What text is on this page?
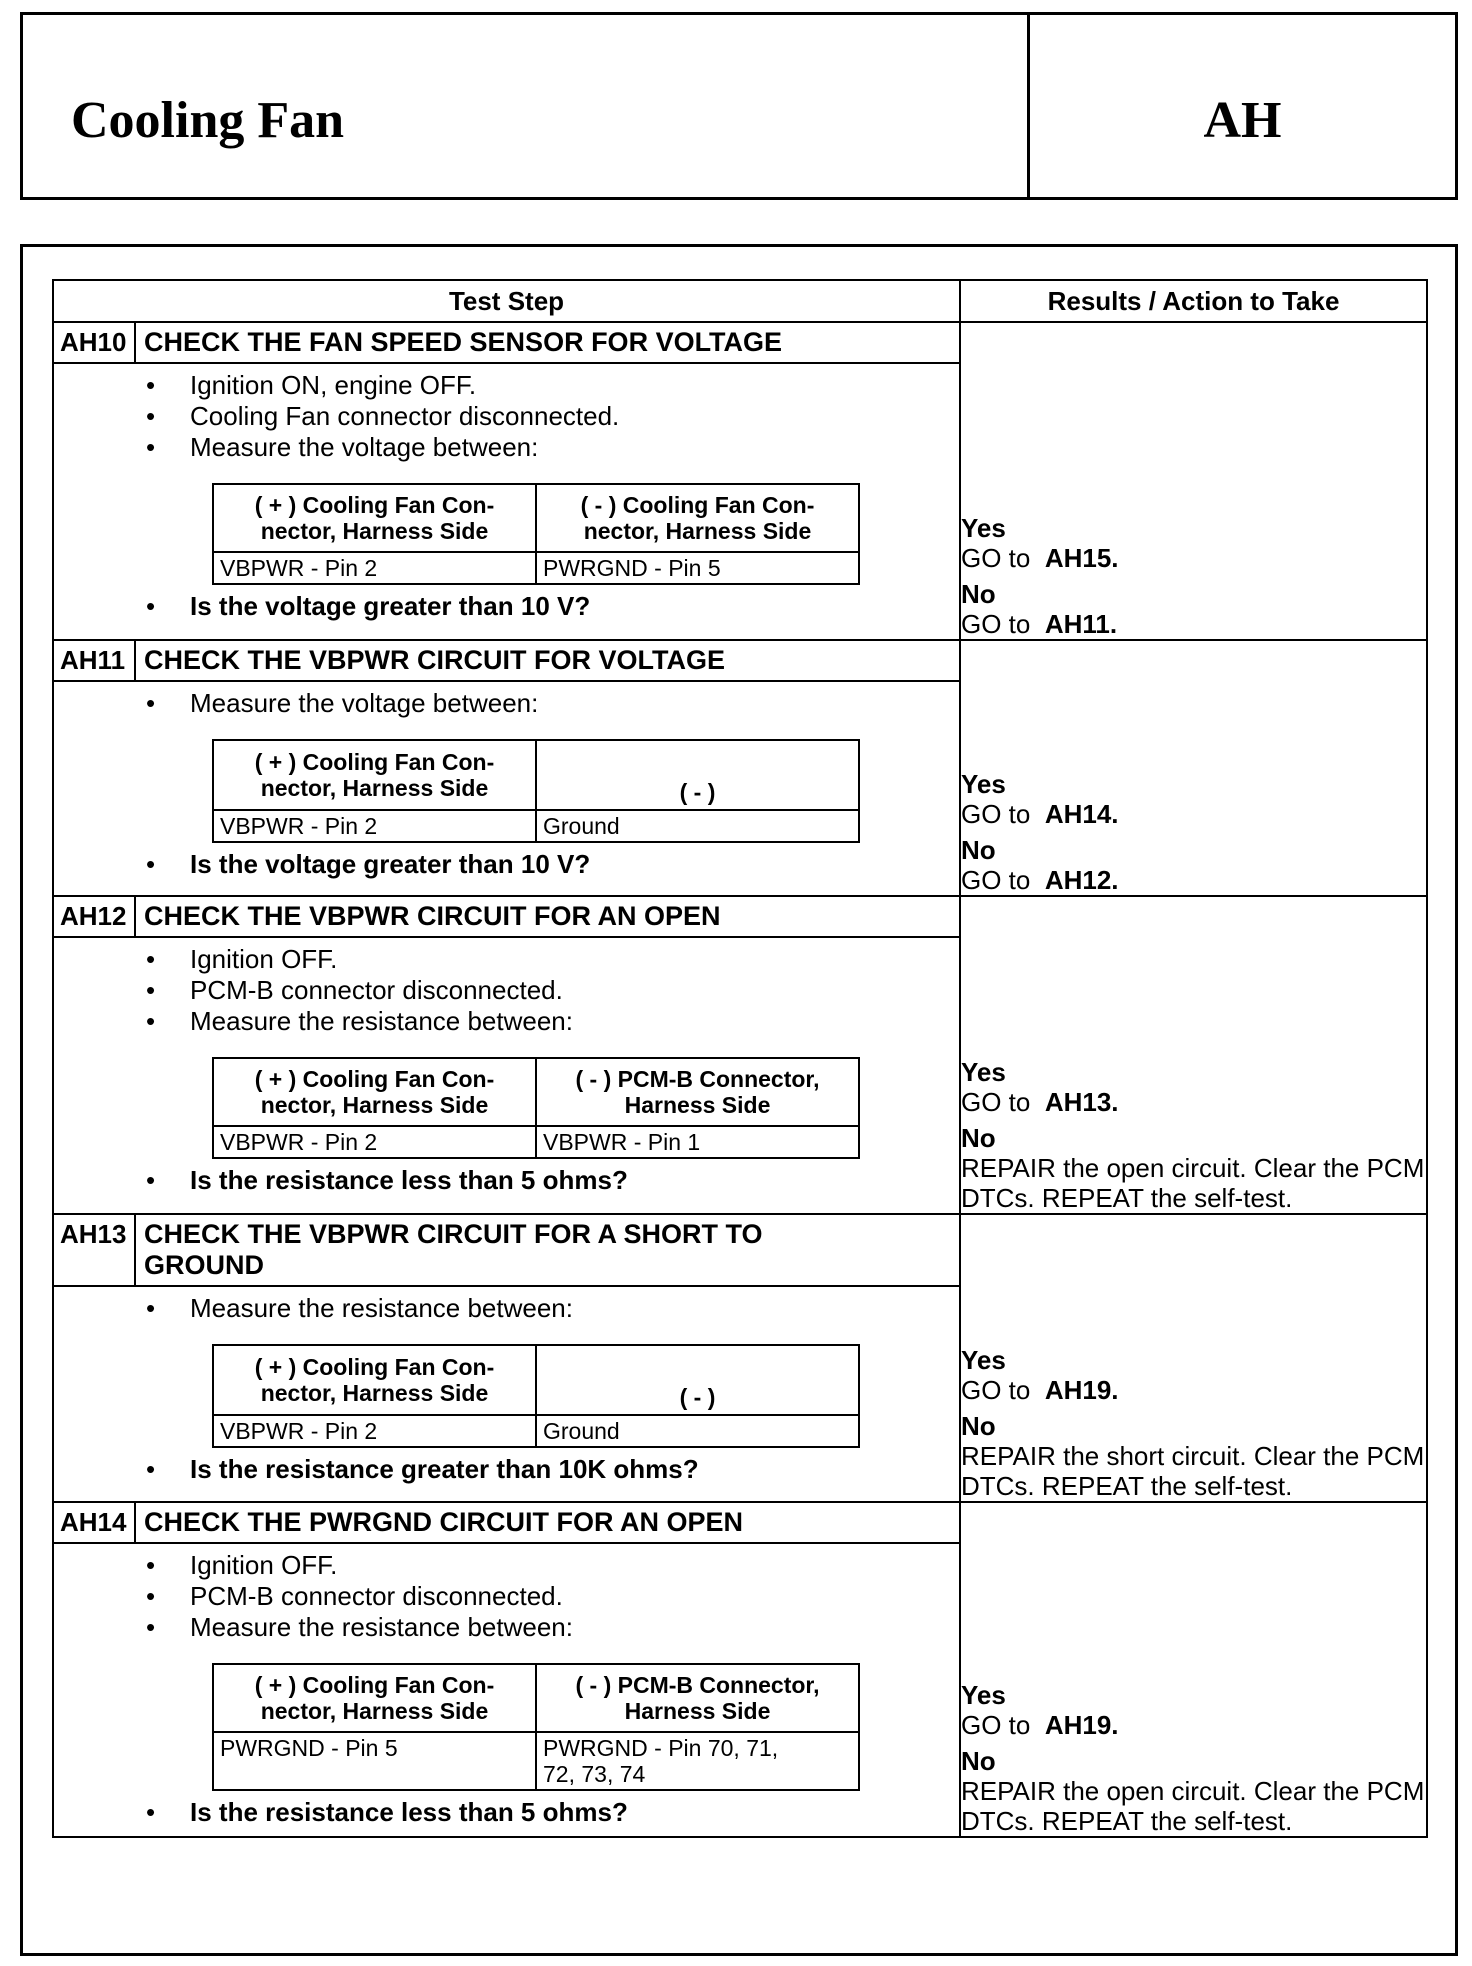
Cooling Fan	AH
Test Step	Results / Action to Take

AH10 CHECK THE FAN SPEED SENSOR FOR VOLTAGE
• Ignition ON, engine OFF.
• Cooling Fan connector disconnected.
• Measure the voltage between:
( + ) Cooling Fan Con-
nector, Harness Side	( - ) Cooling Fan Con-
nector, Harness Side
VBPWR - Pin 2	PWRGND - Pin 5
• Is the voltage greater than 10 V?

Yes
GO to AH15.
No
GO to AH11.

AH11 CHECK THE VBPWR CIRCUIT FOR VOLTAGE
• Measure the voltage between:
( + ) Cooling Fan Con-
nector, Harness Side	( - )
VBPWR - Pin 2	Ground
• Is the voltage greater than 10 V?

Yes
GO to AH14.
No
GO to AH12.

AH12 CHECK THE VBPWR CIRCUIT FOR AN OPEN
• Ignition OFF.
• PCM-B connector disconnected.
• Measure the resistance between:
( + ) Cooling Fan Con-
nector, Harness Side	( - ) PCM-B Connector,
Harness Side
VBPWR - Pin 2	VBPWR - Pin 1
• Is the resistance less than 5 ohms?

Yes
GO to AH13.
No
REPAIR the open circuit. Clear the PCM DTCs. REPEAT the self-test.

AH13 CHECK THE VBPWR CIRCUIT FOR A SHORT TO GROUND
• Measure the resistance between:
( + ) Cooling Fan Con-
nector, Harness Side	( - )
VBPWR - Pin 2	Ground
• Is the resistance greater than 10K ohms?

Yes
GO to AH19.
No
REPAIR the short circuit. Clear the PCM DTCs. REPEAT the self-test.

AH14 CHECK THE PWRGND CIRCUIT FOR AN OPEN
• Ignition OFF.
• PCM-B connector disconnected.
• Measure the resistance between:
( + ) Cooling Fan Con-
nector, Harness Side	( - ) PCM-B Connector,
Harness Side
PWRGND - Pin 5	PWRGND - Pin 70, 71,
72, 73, 74
• Is the resistance less than 5 ohms?

Yes
GO to AH19.
No
REPAIR the open circuit. Clear the PCM DTCs. REPEAT the self-test.
